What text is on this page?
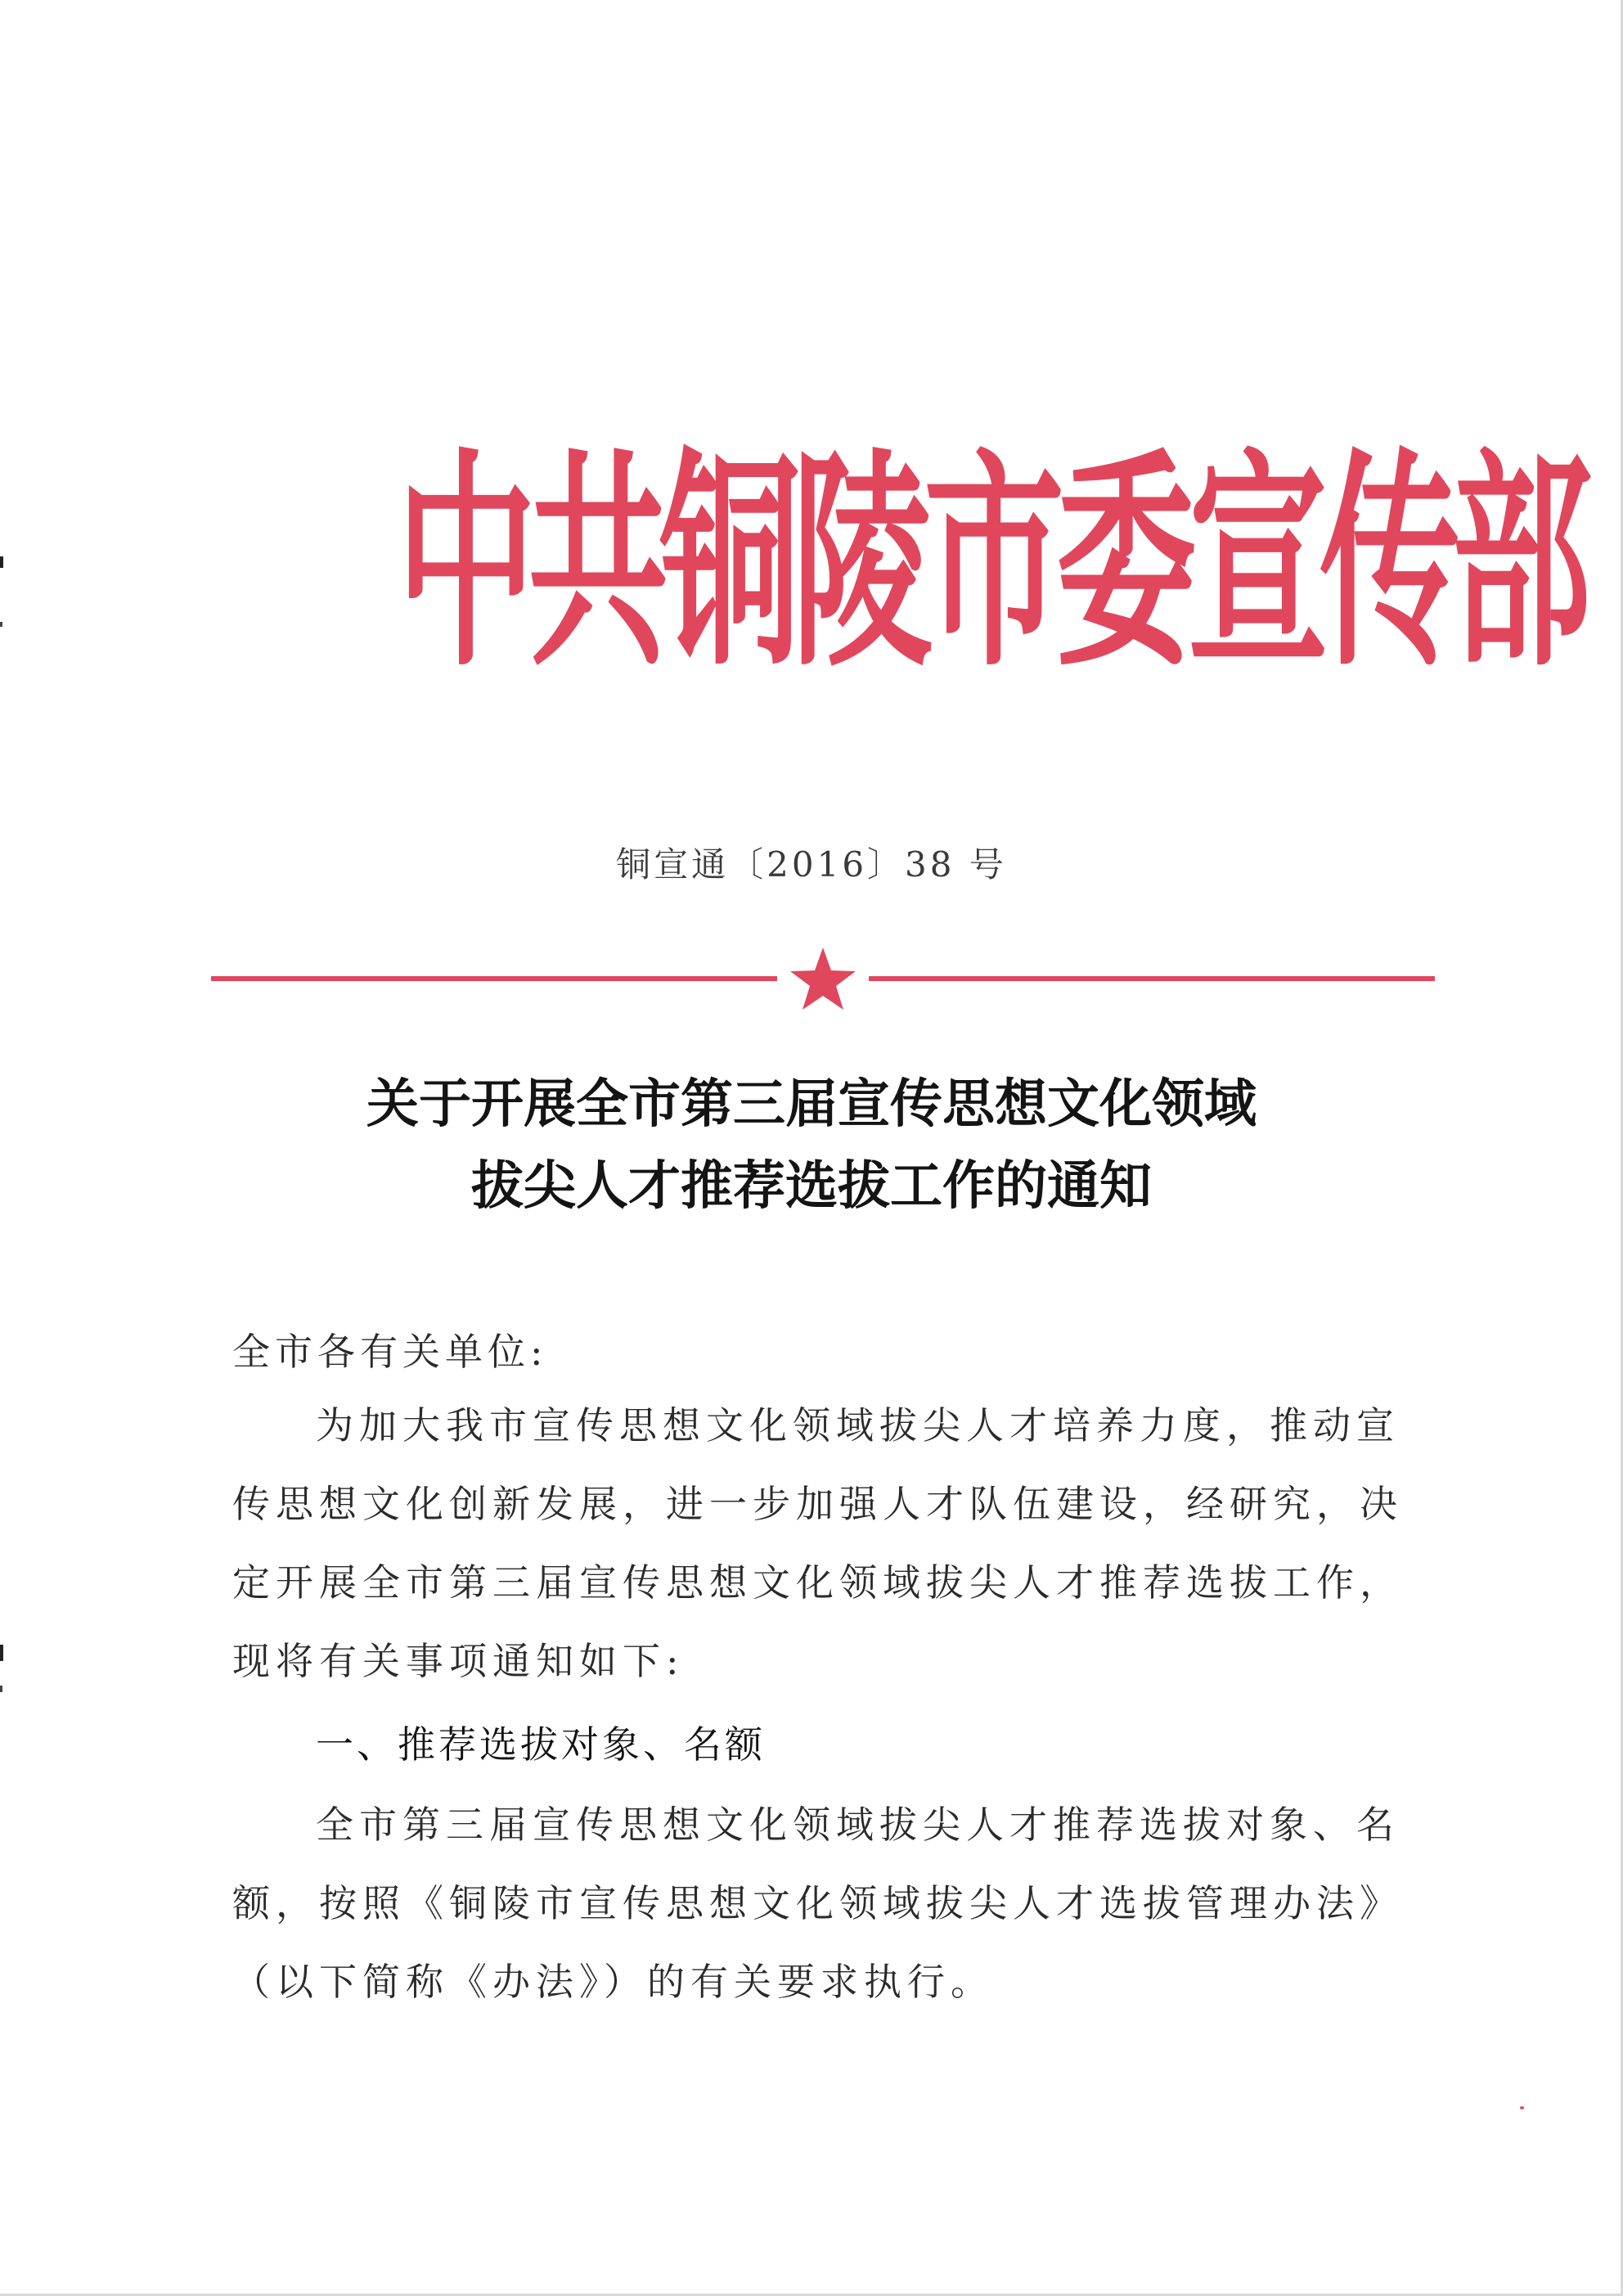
中共铜陵市委宣传部
铜宣通〔2016〕38 号
关于开展全市第三届宣传思想文化领域
拔尖人才推荐选拔工作的通知
全市各有关单位:
为加大我市宣传思想文化领域拔尖人才培养力度，推动宣
传思想文化创新发展，进一步加强人才队伍建设，经研究，决
定开展全市第三届宣传思想文化领域拔尖人才推荐选拔工作，
现将有关事项通知如下:
一、推荐选拔对象、名额
全市第三届宣传思想文化领域拔尖人才推荐选拔对象、名
额，按照《铜陵市宣传思想文化领域拔尖人才选拔管理办法》
（以下简称《办法》）的有关要求执行。
